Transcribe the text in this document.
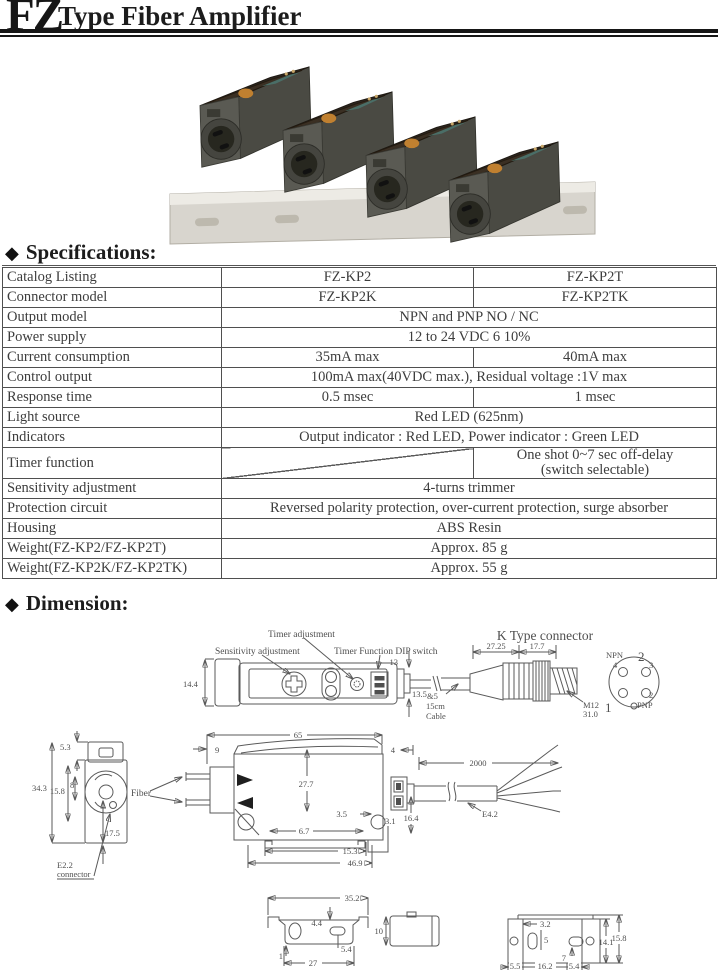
FZ
Type Fiber Amplifier
◆ Specifications:
Catalog Listing	FZ-KP2	FZ-KP2T
Connector model	FZ-KP2K	FZ-KP2TK
Output model	NPN and PNP NO / NC	
Power supply	12 to 24 VDC 6 10%	
Current consumption	35mA max	40mA max
Control output	100mA max(40VDC max.), Residual voltage :1V max	
Response time	0.5 msec	1 msec
Light source	Red LED (625nm)	
Indicators	Output indicator : Red LED, Power indicator : Green LED	
Timer function		One shot 0~7 sec off-delay
(switch selectable)

Sensitivity adjustment	4-turns trimmer	
Protection circuit	Reversed polarity protection, over-current protection, surge absorber	
Housing	ABS Resin	
Weight(FZ-KP2/FZ-KP2T)	Approx. 85 g	
Weight(FZ-KP2K/FZ-KP2TK)	Approx. 55 g	
◆ Dimension:
Sensitivity adjustment
Timer adjustment
Timer Function DIP switch
14.4
13
13.5 &5
15cm
Cable
K Type connector
27.25	17.7
M12
31.0
NPN
4
2
3
1
2
PNP
5.3
34.3 15.8
8
17.5
E2.2
connector
Fiber
9
65
27.7
4
2000
3.5
3.1 16.4
6.7
15.3
46.9
E4.2
35.2
4.4
5.4
1
27
10
3.2
5
7
14.1
15.8
5.5 16.2 5.4
